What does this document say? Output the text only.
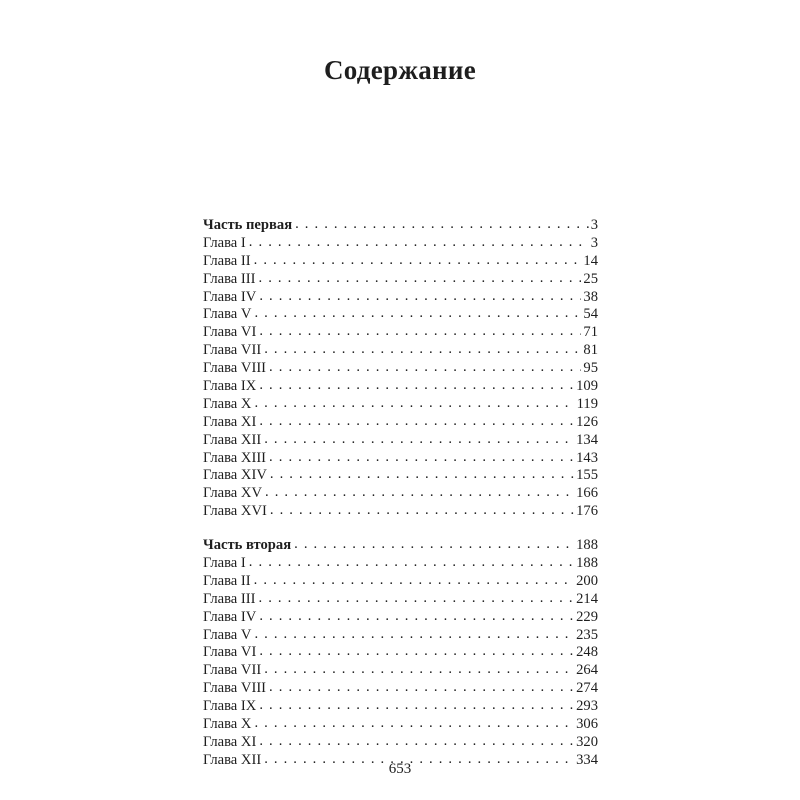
Содержание
Часть первая . . .	3
Глава I . . .	3
Глава II . . .	14
Глава III . . .	25
Глава IV . . .	38
Глава V . . .	54
Глава VI . . .	71
Глава VII . . .	81
Глава VIII . . .	95
Глава IX . . .	109
Глава X . . .	119
Глава XI . . .	126
Глава XII . . .	134
Глава XIII . . .	143
Глава XIV . . .	155
Глава XV . . .	166
Глава XVI . . .	176
Часть вторая . . .	188
Глава I . . .	188
Глава II . . .	200
Глава III . . .	214
Глава IV . . .	229
Глава V . . .	235
Глава VI . . .	248
Глава VII . . .	264
Глава VIII . . .	274
Глава IX . . .	293
Глава X . . .	306
Глава XI . . .	320
Глава XII . . .	334
653
